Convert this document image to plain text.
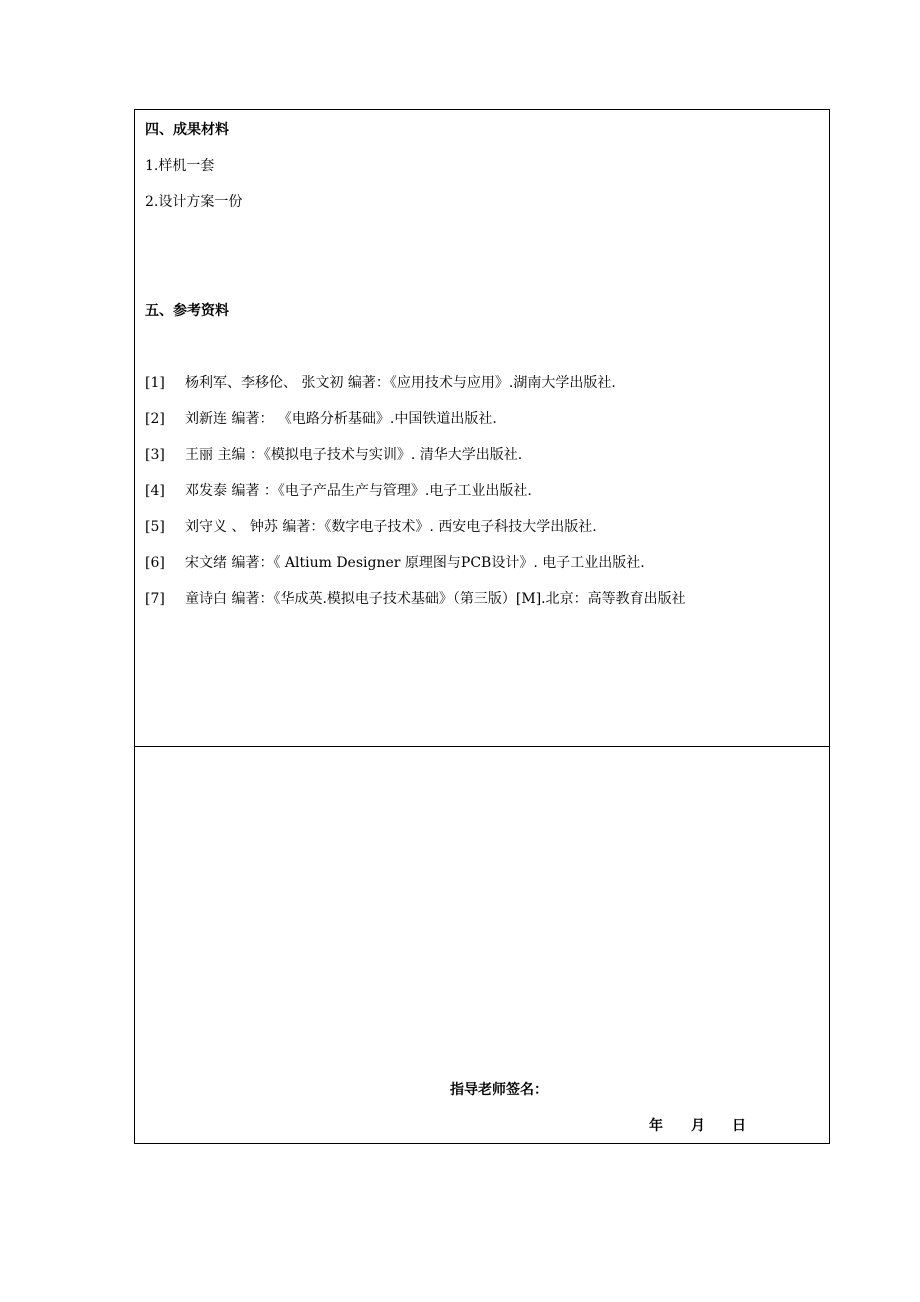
四、成果材料
1.样机一套
2.设计方案一份
五、参考资料
[1] 杨利军、李移伦、 张文初 编著：《应用技术与应用》.湖南大学出版社.
[2] 刘新连 编著： 《电路分析基础》.中国铁道出版社.
[3] 王丽 主编 ：《模拟电子技术与实训》. 清华大学出版社.
[4] 邓发泰 编著 ：《电子产品生产与管理》.电子工业出版社.
[5] 刘守义 、 钟苏 编著：《数字电子技术》. 西安电子科技大学出版社.
[6] 宋文绪 编著：《 Altium Designer 原理图与PCB设计》. 电子工业出版社.
[7] 童诗白 编著：《华成英.模拟电子技术基础》（第三版）[M].北京：高等教育出版社
指导老师签名：
年 月 日
